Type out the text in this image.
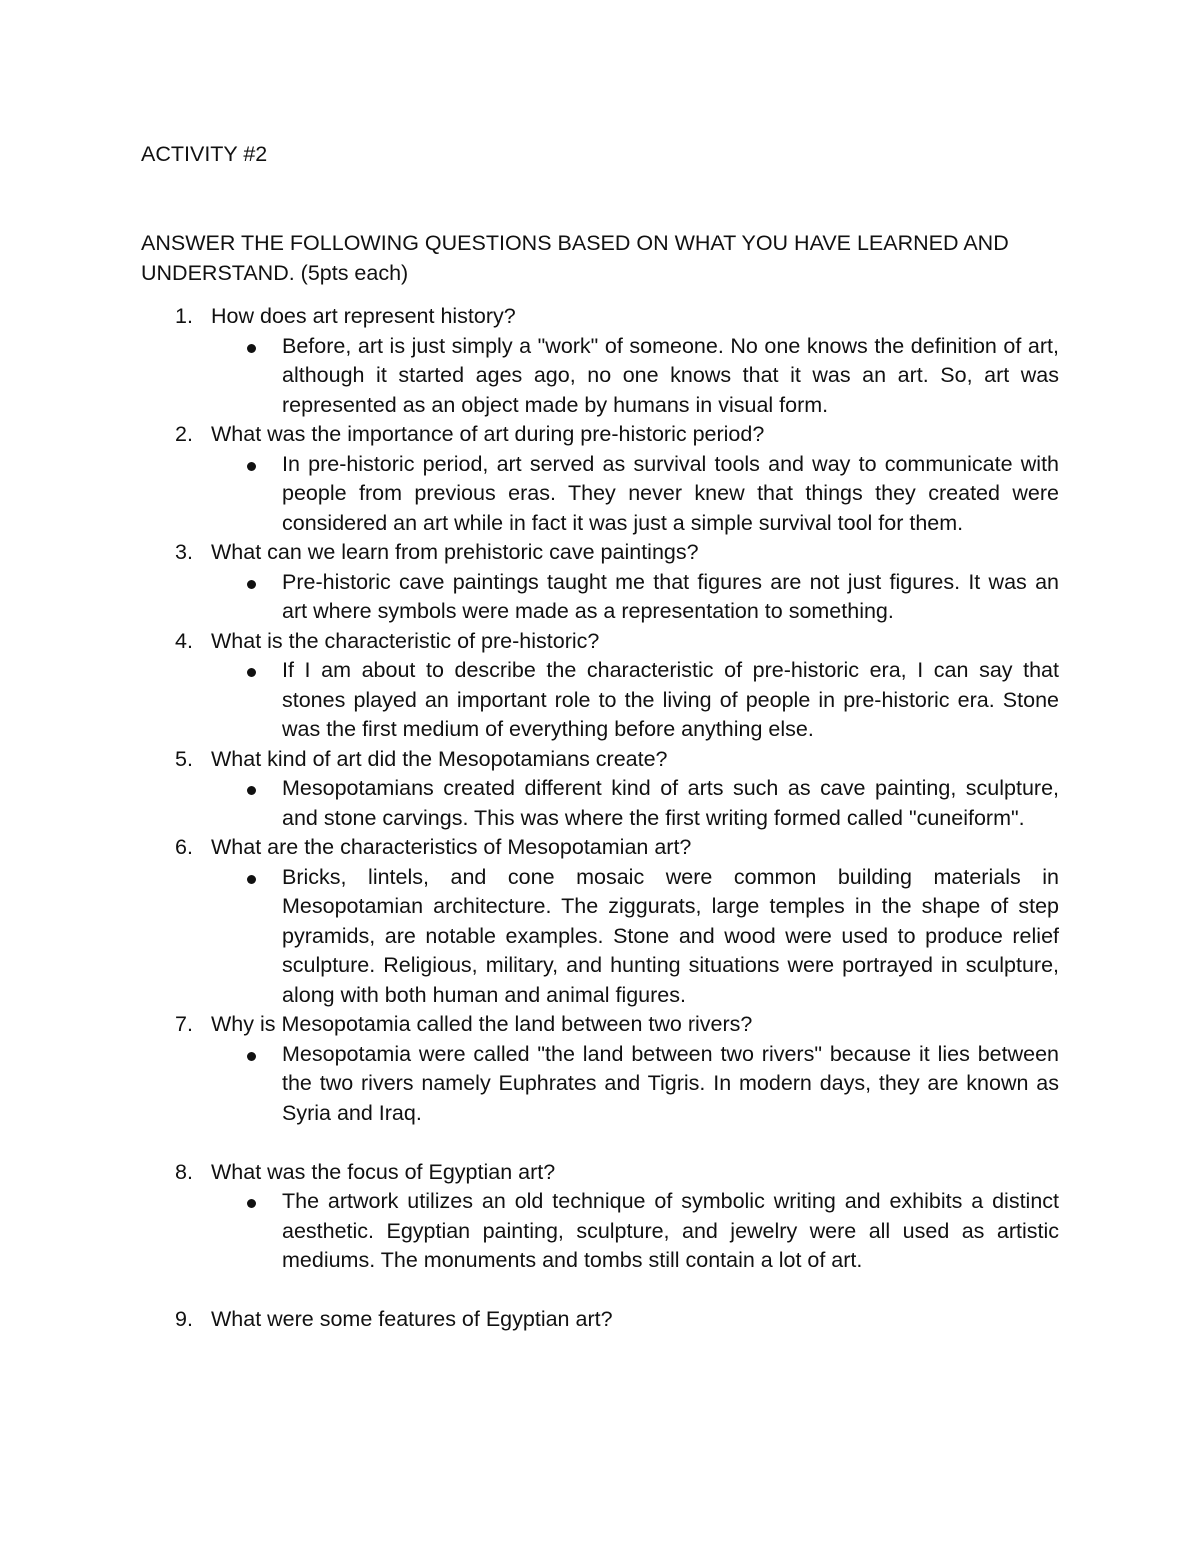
ACTIVITY #2

ANSWER THE FOLLOWING QUESTIONS BASED ON WHAT YOU HAVE LEARNED AND UNDERSTAND. (5pts each)

1. How does art represent history?
Before, art is just simply a "work" of someone. No one knows the definition of art, although it started ages ago, no one knows that it was an art. So, art was represented as an object made by humans in visual form.
2. What was the importance of art during pre-historic period?
In pre-historic period, art served as survival tools and way to communicate with people from previous eras. They never knew that things they created were considered an art while in fact it was just a simple survival tool for them.
3. What can we learn from prehistoric cave paintings?
Pre-historic cave paintings taught me that figures are not just figures. It was an art where symbols were made as a representation to something.
4. What is the characteristic of pre-historic?
If I am about to describe the characteristic of pre-historic era, I can say that stones played an important role to the living of people in pre-historic era. Stone was the first medium of everything before anything else.
5. What kind of art did the Mesopotamians create?
Mesopotamians created different kind of arts such as cave painting, sculpture, and stone carvings. This was where the first writing formed called "cuneiform".
6. What are the characteristics of Mesopotamian art?
Bricks, lintels, and cone mosaic were common building materials in Mesopotamian architecture. The ziggurats, large temples in the shape of step pyramids, are notable examples. Stone and wood were used to produce relief sculpture. Religious, military, and hunting situations were portrayed in sculpture, along with both human and animal figures.
7. Why is Mesopotamia called the land between two rivers?
Mesopotamia were called "the land between two rivers" because it lies between the two rivers namely Euphrates and Tigris. In modern days, they are known as Syria and Iraq.
8. What was the focus of Egyptian art?
The artwork utilizes an old technique of symbolic writing and exhibits a distinct aesthetic. Egyptian painting, sculpture, and jewelry were all used as artistic mediums. The monuments and tombs still contain a lot of art.
9. What were some features of Egyptian art?
